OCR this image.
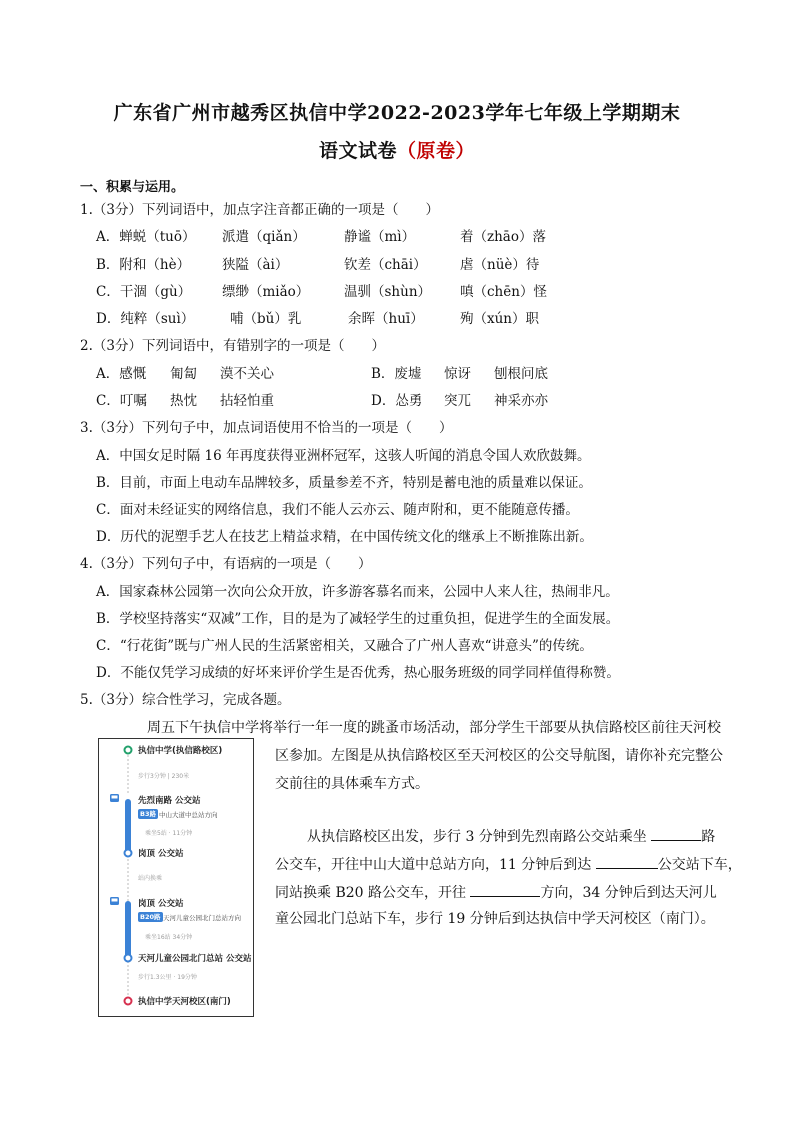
广东省广州市越秀区执信中学2022-2023学年七年级上学期期末
语文试卷（原卷）
一、积累与运用。
1.（3分）下列词语中，加点字注音都正确的一项是（　　）
A．蝉蜕（tuō） 派遣（qiǎn）	静谧（mì）	着（zhāo）落
B．附和（hè） 狭隘（ài）	钦差（chāi） 虐（nüè）待
C．干涸（gù） 缥缈（miǎo）	温驯（shùn） 嗔（chēn）怪
D．纯粹（suì）	哺（bǔ）乳	余晖（huī）	殉（xún）职
2.（3分）下列词语中，有错别字的一项是（　　）
A．感慨 匍匐 漠不关心	B．废墟 惊讶 刨根问底
C．叮嘱 热忱 拈轻怕重	D．怂勇 突兀 神采亦亦
3.（3分）下列句子中，加点词语使用不恰当的一项是（　　）
A．中国女足时隔 16 年再度获得亚洲杯冠军，这骇人听闻的消息令国人欢欣鼓舞。
B．目前，市面上电动车品牌较多，质量参差不齐，特别是蓄电池的质量难以保证。
C．面对未经证实的网络信息，我们不能人云亦云、随声附和，更不能随意传播。
D．历代的泥塑手艺人在技艺上精益求精，在中国传统文化的继承上不断推陈出新。
4.（3分）下列句子中，有语病的一项是（　　）
A．国家森林公园第一次向公众开放，许多游客慕名而来，公园中人来人往，热闹非凡。
B．学校坚持落实“双减”工作，目的是为了减轻学生的过重负担，促进学生的全面发展。
C．“行花街”既与广州人民的生活紧密相关，又融合了广州人喜欢“讲意头”的传统。
D．不能仅凭学习成绩的好坏来评价学生是否优秀，热心服务班级的同学同样值得称赞。
5.（3分）综合性学习，完成各题。
执信中学(执信路校区)
步行3分钟 | 230米
先烈南路 公交站
B3路 中山大道中总站方向
乘坐5站 · 11分钟
岗顶 公交站
站内换乘
岗顶 公交站
B20路 天河儿童公园北门总站方向
乘坐16站 34分钟
天河儿童公园北门总站 公交站
步行1.3公里 · 19分钟
执信中学天河校区(南门)
周五下午执信中学将举行一年一度的跳蚤市场活动，部分学生干部要从执信路校区前往天河校
区参加。左图是从执信路校区至天河校区的公交导航图，请你补充完整公
交前往的具体乘车方式。
从执信路校区出发，步行 3 分钟到先烈南路公交站乘坐	路
公交车，开往中山大道中总站方向，11 分钟后到达	公交站下车，
同站换乘 B20 路公交车，开往	方向，34 分钟后到达天河儿
童公园北门总站下车，步行 19 分钟后到达执信中学天河校区（南门）。
